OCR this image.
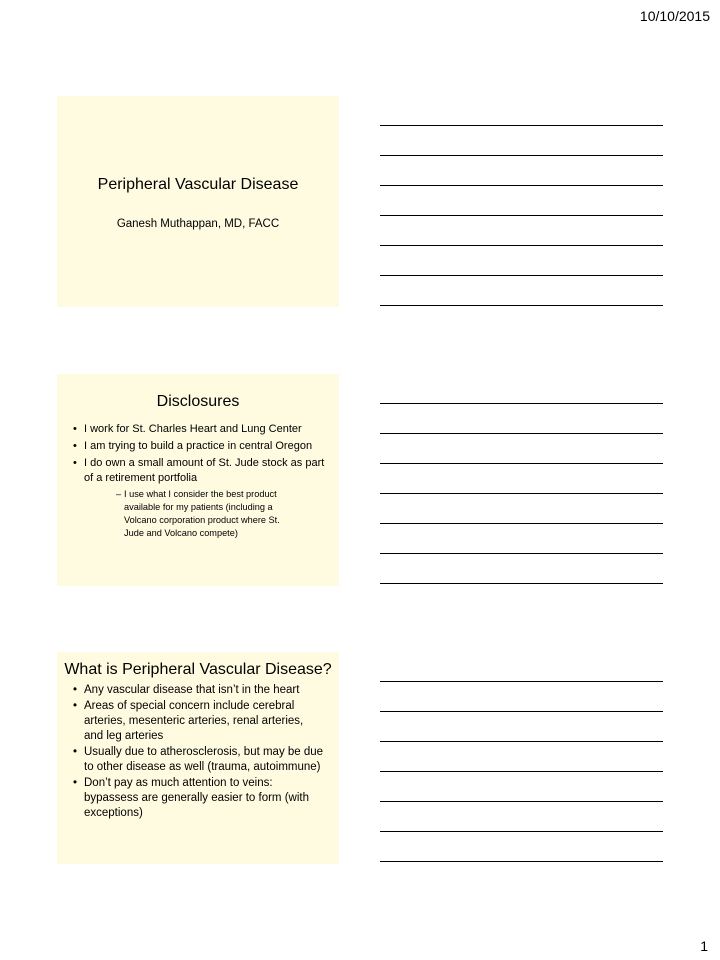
10/10/2015
Peripheral Vascular Disease
Ganesh Muthappan, MD, FACC
Disclosures
• I work for St. Charles Heart and Lung Center
• I am trying to build a practice in central Oregon
• I do own a small amount of St. Jude stock as part of a retirement portfolia
– I use what I consider the best product available for my patients (including a Volcano corporation product where St. Jude and Volcano compete)
What is Peripheral Vascular Disease?
• Any vascular disease that isn’t in the heart
• Areas of special concern include cerebral arteries, mesenteric arteries, renal arteries, and leg arteries
• Usually due to atherosclerosis, but may be due to other disease as well (trauma, autoimmune)
• Don’t pay as much attention to veins: bypassess are generally easier to form (with exceptions)
1
